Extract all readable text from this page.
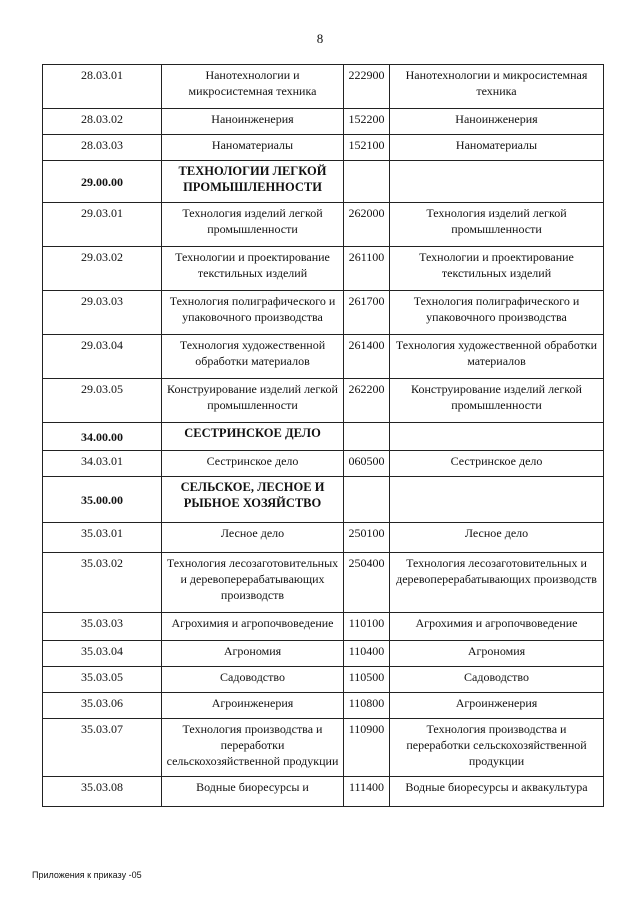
8
28.03.01	Нанотехнологии и микросистемная техника	222900	Нанотехнологии и микросистемная техника
28.03.02	Наноинженерия	152200	Наноинженерия
28.03.03	Наноматериалы	152100	Наноматериалы
29.00.00	ТЕХНОЛОГИИ ЛЕГКОЙ ПРОМЫШЛЕННОСТИ		
29.03.01	Технология изделий легкой промышленности	262000	Технология изделий легкой промышленности
29.03.02	Технологии и проектирование текстильных изделий	261100	Технологии и проектирование текстильных изделий
29.03.03	Технология полиграфического и упаковочного производства	261700	Технология полиграфического и упаковочного производства
29.03.04	Технология художественной обработки материалов	261400	Технология художественной обработки материалов
29.03.05	Конструирование изделий легкой промышленности	262200	Конструирование изделий легкой промышленности
34.00.00	СЕСТРИНСКОЕ ДЕЛО		
34.03.01	Сестринское дело	060500	Сестринское дело
35.00.00	СЕЛЬСКОЕ, ЛЕСНОЕ И РЫБНОЕ ХОЗЯЙСТВО		
35.03.01	Лесное дело	250100	Лесное дело
35.03.02	Технология лесозаготовительных и деревоперерабатывающих производств	250400	Технология лесозаготовительных и деревоперерабатывающих производств
35.03.03	Агрохимия и агропочвоведение	110100	Агрохимия и агропочвоведение
35.03.04	Агрономия	110400	Агрономия
35.03.05	Садоводство	110500	Садоводство
35.03.06	Агроинженерия	110800	Агроинженерия
35.03.07	Технология производства и переработки сельскохозяйственной продукции	110900	Технология производства и переработки сельскохозяйственной продукции
35.03.08	Водные биоресурсы и	111400	Водные биоресурсы и аквакультура
Приложения к приказу -05
